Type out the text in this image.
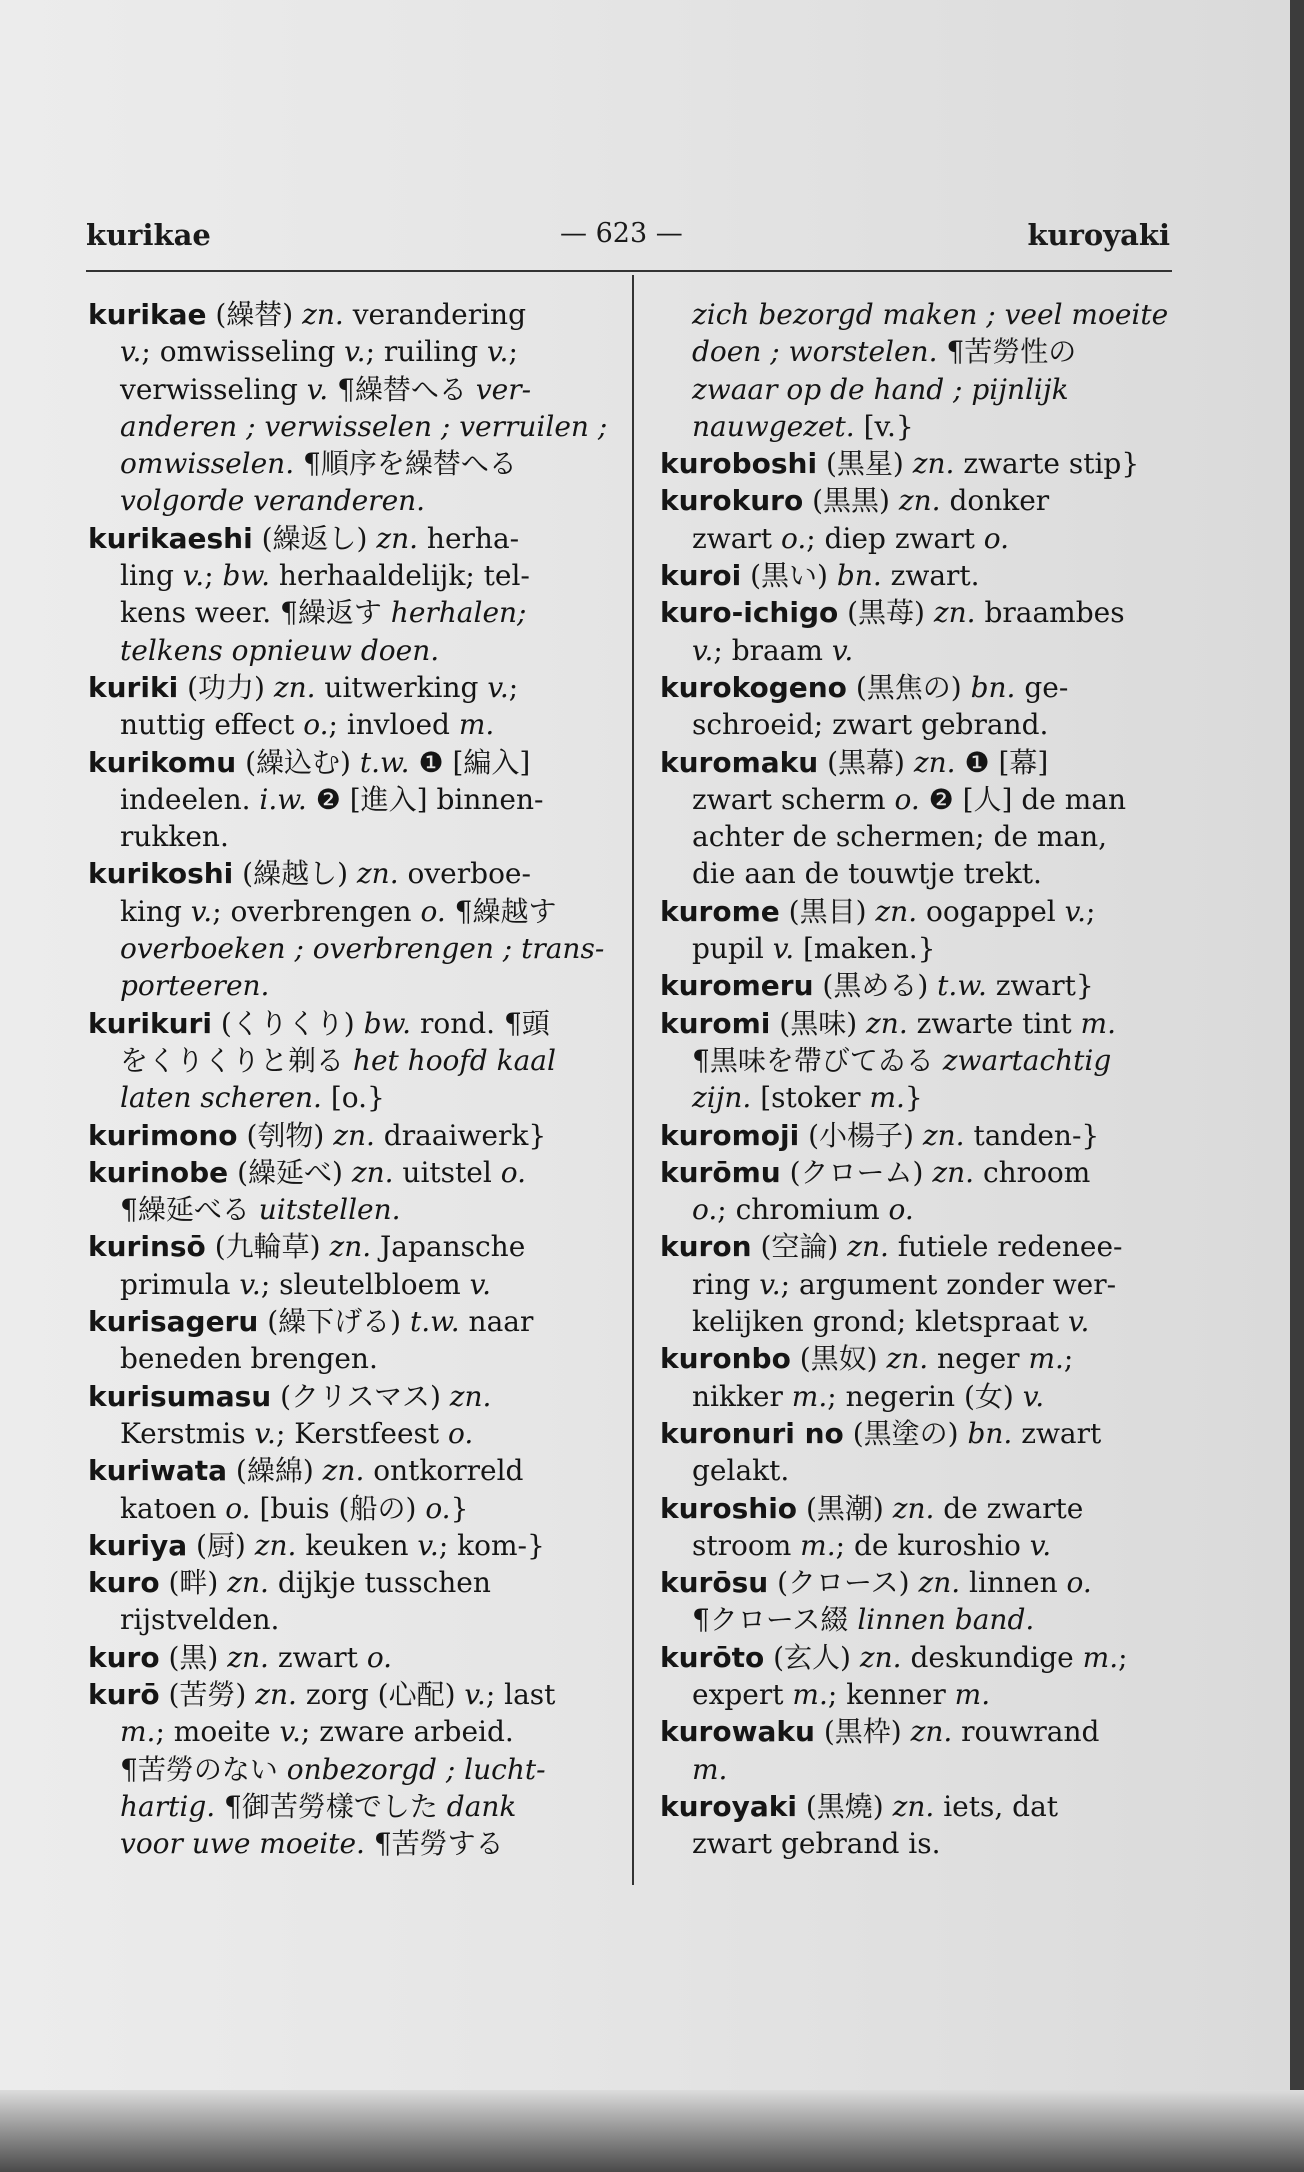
kurikae	— 623 —	kuroyaki
kurikae (繰替) zn. verandering
v.; omwisseling v.; ruiling v.;
verwisseling v. ¶繰替へる ver-
anderen ; verwisselen ; verruilen ;
omwisselen. ¶順序を繰替へる
volgorde veranderen.
kurikaeshi (繰返し) zn. herha-
ling v.; bw. herhaaldelijk; tel-
kens weer. ¶繰返す herhalen;
telkens opnieuw doen.
kuriki (功力) zn. uitwerking v.;
nuttig effect o.; invloed m.
kurikomu (繰込む) t.w. ❶ [編入]
indeelen. i.w. ❷ [進入] binnen-
rukken.
kurikoshi (繰越し) zn. overboe-
king v.; overbrengen o. ¶繰越す
overboeken ; overbrengen ; trans-
porteeren.
kurikuri (くりくり) bw. rond. ¶頭
をくりくりと剃る het hoofd kaal
laten scheren. [o.}
kurimono (刳物) zn. draaiwerk}
kurinobe (繰延べ) zn. uitstel o.
¶繰延べる uitstellen.
kurinsō (九輪草) zn. Japansche
primula v.; sleutelbloem v.
kurisageru (繰下げる) t.w. naar
beneden brengen.
kurisumasu (クリスマス) zn.
Kerstmis v.; Kerstfeest o.
kuriwata (繰綿) zn. ontkorreld
katoen o. [buis (船の) o.}
kuriya (厨) zn. keuken v.; kom-}
kuro (畔) zn. dijkje tusschen
rijstvelden.
kuro (黒) zn. zwart o.
kurō (苦勞) zn. zorg (心配) v.; last
m.; moeite v.; zware arbeid.
¶苦勞のない onbezorgd ; lucht-
hartig. ¶御苦勞樣でした dank
voor uwe moeite. ¶苦勞する
zich bezorgd maken ; veel moeite
doen ; worstelen. ¶苦勞性の
zwaar op de hand ; pijnlijk
nauwgezet. [v.}
kuroboshi (黒星) zn. zwarte stip}
kurokuro (黒黒) zn. donker
zwart o.; diep zwart o.
kuroi (黒い) bn. zwart.
kuro-ichigo (黒苺) zn. braambes
v.; braam v.
kurokogeno (黒焦の) bn. ge-
schroeid; zwart gebrand.
kuromaku (黒幕) zn. ❶ [幕]
zwart scherm o. ❷ [人] de man
achter de schermen; de man,
die aan de touwtje trekt.
kurome (黒目) zn. oogappel v.;
pupil v. [maken.}
kuromeru (黒める) t.w. zwart}
kuromi (黒味) zn. zwarte tint m.
¶黒味を帶びてゐる zwartachtig
zijn. [stoker m.}
kuromoji (小楊子) zn. tanden-}
kurōmu (クローム) zn. chroom
o.; chromium o.
kuron (空論) zn. futiele redenee-
ring v.; argument zonder wer-
kelijken grond; kletspraat v.
kuronbo (黒奴) zn. neger m.;
nikker m.; negerin (女) v.
kuronuri no (黒塗の) bn. zwart
gelakt.
kuroshio (黒潮) zn. de zwarte
stroom m.; de kuroshio v.
kurōsu (クロース) zn. linnen o.
¶クロース綴 linnen band.
kurōto (玄人) zn. deskundige m.;
expert m.; kenner m.
kurowaku (黒枠) zn. rouwrand
m.
kuroyaki (黒燒) zn. iets, dat
zwart gebrand is.
